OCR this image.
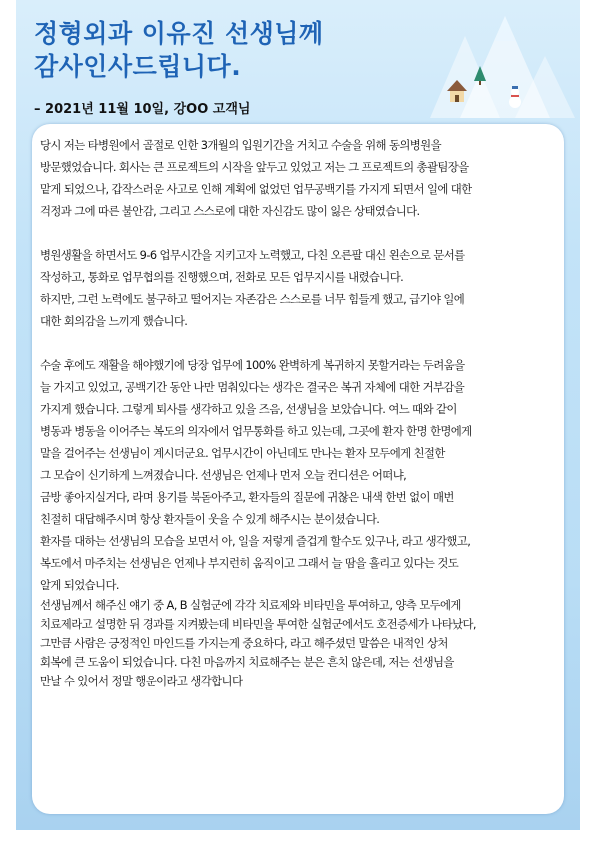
정형외과 이유진 선생님께
감사인사드립니다.
– 2021년 11월 10일, 강OO 고객님
당시 저는 타병원에서 골절로 인한 3개월의 입원기간을 거치고 수술을 위해 동의병원을
방문했었습니다. 회사는 큰 프로젝트의 시작을 앞두고 있었고 저는 그 프로젝트의 총괄팀장을
맡게 되었으나, 갑작스러운 사고로 인해 계획에 없었던 업무공백기를 가지게 되면서 일에 대한
걱정과 그에 따른 불안감, 그리고 스스로에 대한 자신감도 많이 잃은 상태였습니다.
병원생활을 하면서도 9-6 업무시간을 지키고자 노력했고, 다친 오른팔 대신 왼손으로 문서를
작성하고, 통화로 업무협의를 진행했으며, 전화로 모든 업무지시를 내렸습니다.
하지만, 그런 노력에도 불구하고 떨어지는 자존감은 스스로를 너무 힘들게 했고, 급기야 일에
대한 회의감을 느끼게 했습니다.
수술 후에도 재활을 해야했기에 당장 업무에 100% 완벽하게 복귀하지 못할거라는 두려움을
늘 가지고 있었고, 공백기간 동안 나만 멈춰있다는 생각은 결국은 복귀 자체에 대한 거부감을
가지게 했습니다. 그렇게 퇴사를 생각하고 있을 즈음, 선생님을 보았습니다. 여느 때와 같이
병동과 병동을 이어주는 복도의 의자에서 업무통화를 하고 있는데, 그곳에 환자 한명 한명에게
말을 걸어주는 선생님이 계시더군요. 업무시간이 아닌데도 만나는 환자 모두에게 친절한
그 모습이 신기하게 느껴졌습니다. 선생님은 언제나 먼저 오늘 컨디션은 어떠냐,
금방 좋아지실거다, 라며 용기를 북돋아주고, 환자들의 질문에 귀찮은 내색 한번 없이 매번
친절히 대답해주시며 항상 환자들이 웃을 수 있게 해주시는 분이셨습니다.
환자를 대하는 선생님의 모습을 보면서 아, 일을 저렇게 즐겁게 할수도 있구나, 라고 생각했고,
복도에서 마주치는 선생님은 언제나 부지런히 움직이고 그래서 늘 땀을 흘리고 있다는 것도
알게 되었습니다.
선생님께서 해주신 얘기 중 A, B 실험군에 각각 치료제와 비타민을 투여하고, 양측 모두에게
치료제라고 설명한 뒤 경과를 지켜봤는데 비타민을 투여한 실험군에서도 호전증세가 나타났다,
그만큼 사람은 긍정적인 마인드를 가지는게 중요하다, 라고 해주셨던 말씀은 내적인 상처
회복에 큰 도움이 되었습니다. 다친 마음까지 치료해주는 분은 흔치 않은데, 저는 선생님을
만날 수 있어서 정말 행운이라고 생각합니다
